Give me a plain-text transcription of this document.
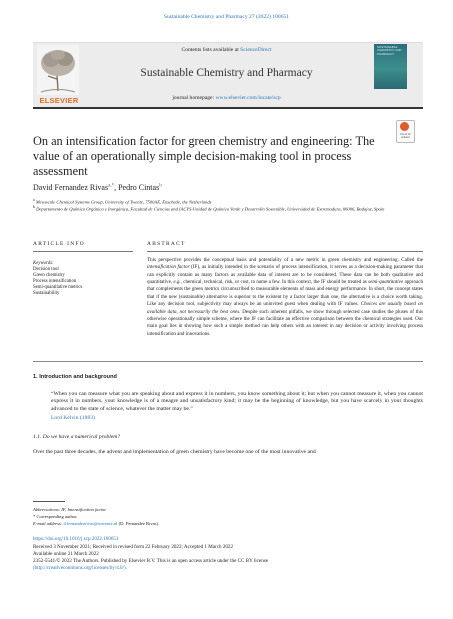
Sustainable Chemistry and Pharmacy 27 (2022) 100651
ELSEVIER
Contents lists available at ScienceDirect
Sustainable Chemistry and Pharmacy
journal homepage: www.elsevier.com/locate/scp
SUSTAINABLE CHEMISTRY AND PHARMACY
Check for updates
On an intensification factor for green chemistry and engineering: The value of an operationally simple decision-making tool in process assessment
David Fernandez Rivas$^{a,*}$, Pedro Cintas$^b$
$^a$ Mesoscale Chemical Systems Group, University of Twente, 7500AE, Enschede, the Netherlands
$^b$ Departamento de Química Orgánica e Inorgánica, Facultad de Ciencias and IACYS-Unidad de Química Verde y Desarrollo Sostenible, Universidad de Extremadura, 06006, Badajoz, Spain
ARTICLE INFO	ABSTRACT
Keywords:
Decision tool
Green chemistry
Process intensification
Semi-quantitative metrics
Sustainability

This perspective provides the conceptual basis and potentiality of a new metric in green chemistry and engineering. Called the intensification factor (IF), as initially intended in the scenario of process intensification, it serves as a decision-making parameter that can explicitly contain as many factors as available data of interest are to be considered. These data can be both qualitative and quantitative, e.g., chemical, technical, risk, or cost, to name a few. In this context, the IF should be treated as semi-quantitative approach that complements the green metrics circumscribed to measurable elements of mass and energy performance. In short, the concept states that if the new (sustainable) alternative is superior to the existent by a factor larger than one, the alternative is a choice worth taking. Like any decision tool, subjectivity may always be an uninvited guest when dealing with IF values. Choices are usually based on available data, not necessarily the best ones. Despite such inherent pitfalls, we show through selected case studies the pluses of this otherwise operationally simple scheme, where the IF can facilitate an effective comparison between the chemical strategies used. Our main goal lies in showing how such a simple method can help others with an interest in any decision or activity involving process intensification and innovations.

1. Introduction and background
“When you can measure what you are speaking about and express it in numbers, you know something about it; but when you cannot measure it, when you cannot express it in numbers, your knowledge is of a meagre and unsatisfactory kind; it may be the beginning of knowledge, but you have scarcely in your thoughts advanced to the state of science, whatever the matter may be.”
Lord Kelvin (1883)
1.1. Do we have a numerical problem?
Over the past three decades, the advent and implementation of green chemistry have become one of the most innovative and
Abbreviations: IF, Intensification factor.
* Corresponding author.
E-mail address: d.fernandezrivas@utwente.nl (D. Fernandez Rivas).
https://doi.org/10.1016/j.scp.2022.100651
Received 3 November 2021; Received in revised form 22 February 2022; Accepted 1 March 2022
Available online 21 March 2022
2352-5541/© 2022 The Authors. Published by Elsevier B.V. This is an open access article under the CC BY license
(http://creativecommons.org/licenses/by/4.0/).
